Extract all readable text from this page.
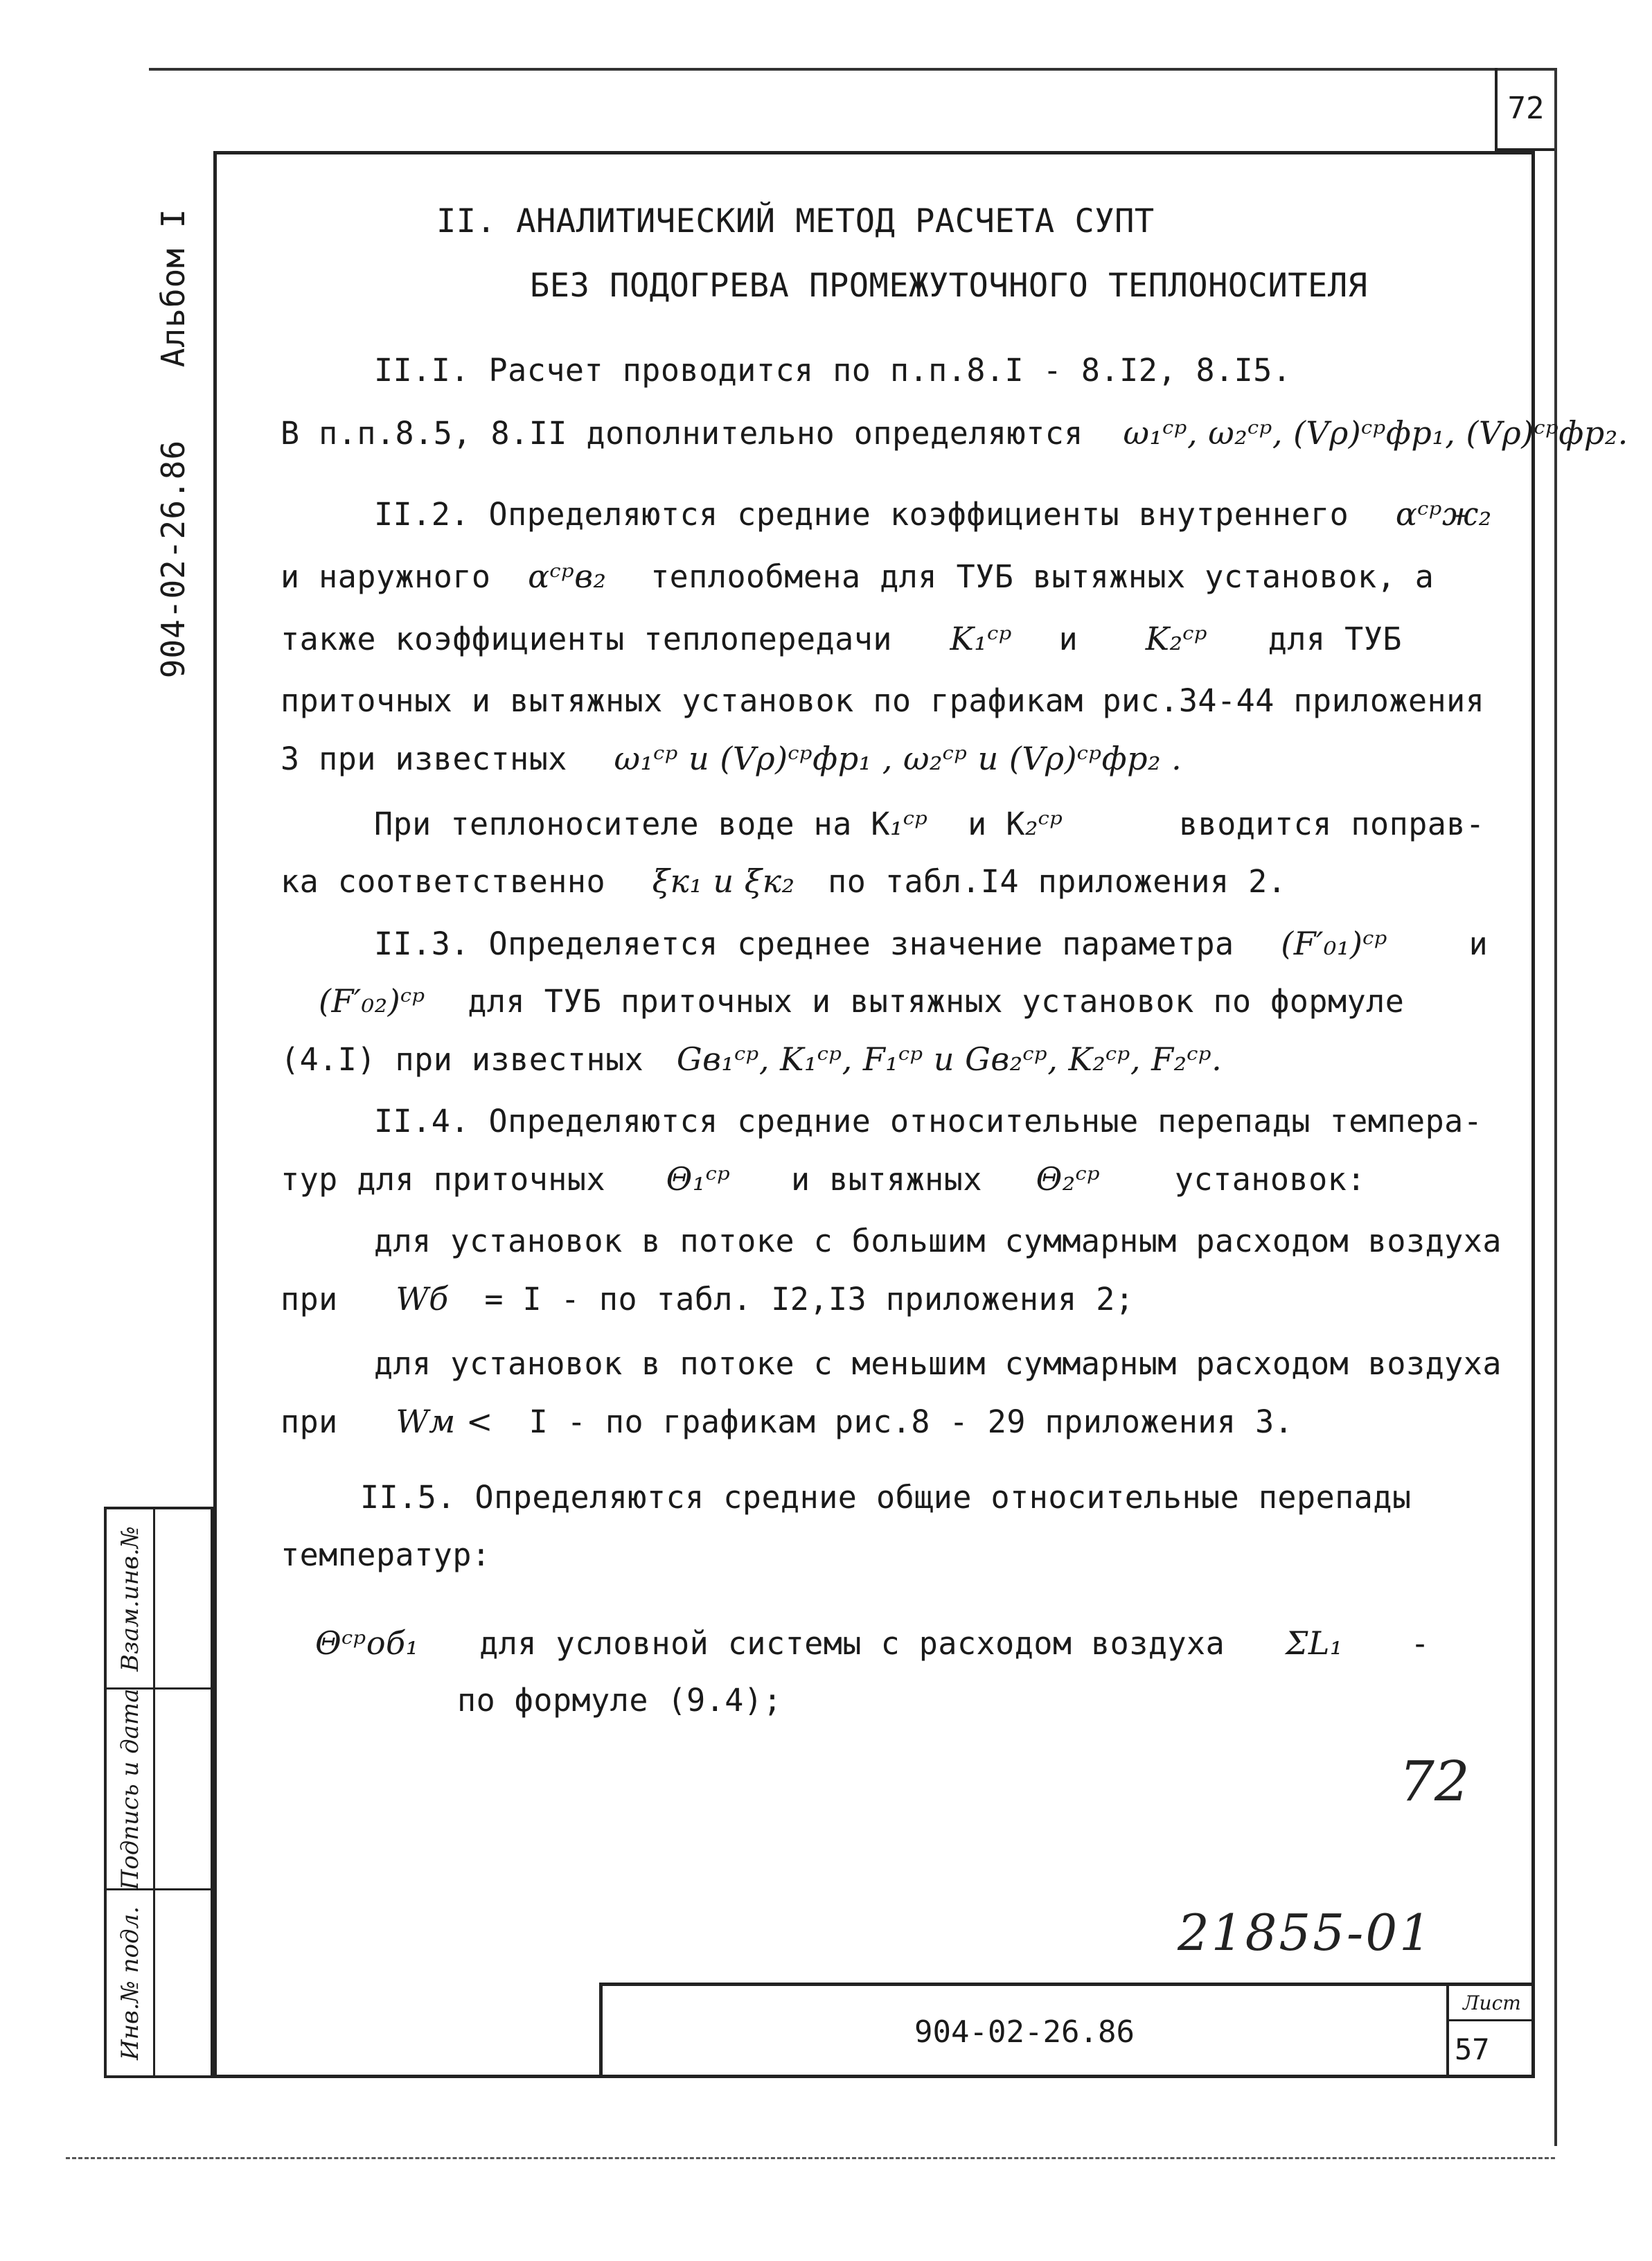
72
904-02-26.86 Альбом I
Взам.инв.№
Подпись и дата
Инв.№ подл.
II. АНАЛИТИЧЕСКИЙ МЕТОД РАСЧЕТА СУПТ
БЕЗ ПОДОГРЕВА ПРОМЕЖУТОЧНОГО ТЕПЛОНОСИТЕЛЯ
II.I. Расчет проводится по п.п.8.I - 8.I2, 8.I5.
В п.п.8.5, 8.II дополнительно определяются ω₁ᶜᵖ, ω₂ᶜᵖ, (Vρ)ᶜᵖфр₁, (Vρ)ᶜᵖфр₂.
II.2. Определяются средние коэффициенты внутреннего αᶜᵖж₂
и наружного αᶜᵖв₂ теплообмена для ТУБ вытяжных установок, а
также коэффициенты теплопередачи K₁ᶜᵖ и K₂ᶜᵖ для ТУБ
приточных и вытяжных установок по графикам рис.34-44 приложения
3 при известных ω₁ᶜᵖ и (Vρ)ᶜᵖфр₁ , ω₂ᶜᵖ и (Vρ)ᶜᵖфр₂ .
При теплоносителе воде на K₁ᶜᵖ и K₂ᶜᵖ	вводится поправ-
ка соответственно ξк₁ и ξк₂ по табл.I4 приложения 2.
II.3. Определяется среднее значение параметра (F′₀₁)ᶜᵖ	и
(F′₀₂)ᶜᵖ для ТУБ приточных и вытяжных установок по формуле
(4.I) при известных Gв₁ᶜᵖ, K₁ᶜᵖ, F₁ᶜᵖ и Gв₂ᶜᵖ, K₂ᶜᵖ, F₂ᶜᵖ.
II.4. Определяются средние относительные перепады темпера-
тур для приточных Θ₁ᶜᵖ и вытяжных Θ₂ᶜᵖ установок:
для установок в потоке с большим суммарным расходом воздуха
при Wб = I - по табл. I2,I3 приложения 2;
для установок в потоке с меньшим суммарным расходом воздуха
при Wм < I - по графикам рис.8 - 29 приложения 3.
II.5. Определяются средние общие относительные перепады
температур:
Θᶜᵖоб₁ для условной системы с расходом воздуха ΣL₁ -
по формуле (9.4);
72
21855-01
904-02-26.86
Лист
57
